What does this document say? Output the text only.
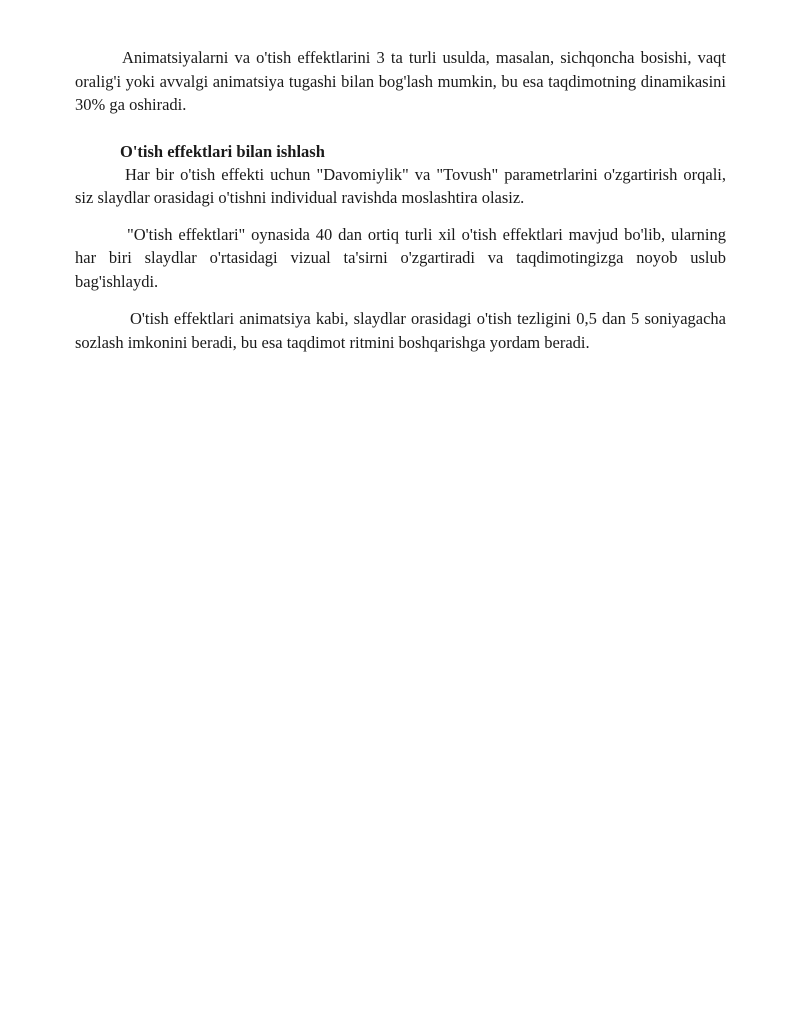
Animatsiyalarni va o'tish effektlarini 3 ta turli usulda, masalan, sichqoncha bosishi, vaqt oralig'i yoki avvalgi animatsiya tugashi bilan bog'lash mumkin, bu esa taqdimotning dinamikasini 30% ga oshiradi.

O'tish effektlari bilan ishlash

Har bir o'tish effekti uchun "Davomiylik" va "Tovush" parametrlarini o'zgartirish orqali, siz slaydlar orasidagi o'tishni individual ravishda moslashtira olasiz.

"O'tish effektlari" oynasida 40 dan ortiq turli xil o'tish effektlari mavjud bo'lib, ularning har biri slaydlar o'rtasidagi vizual ta'sirni o'zgartiradi va taqdimotingizga noyob uslub bag'ishlaydi.

O'tish effektlari animatsiya kabi, slaydlar orasidagi o'tish tezligini 0,5 dan 5 soniyagacha sozlash imkonini beradi, bu esa taqdimot ritmini boshqarishga yordam beradi.
